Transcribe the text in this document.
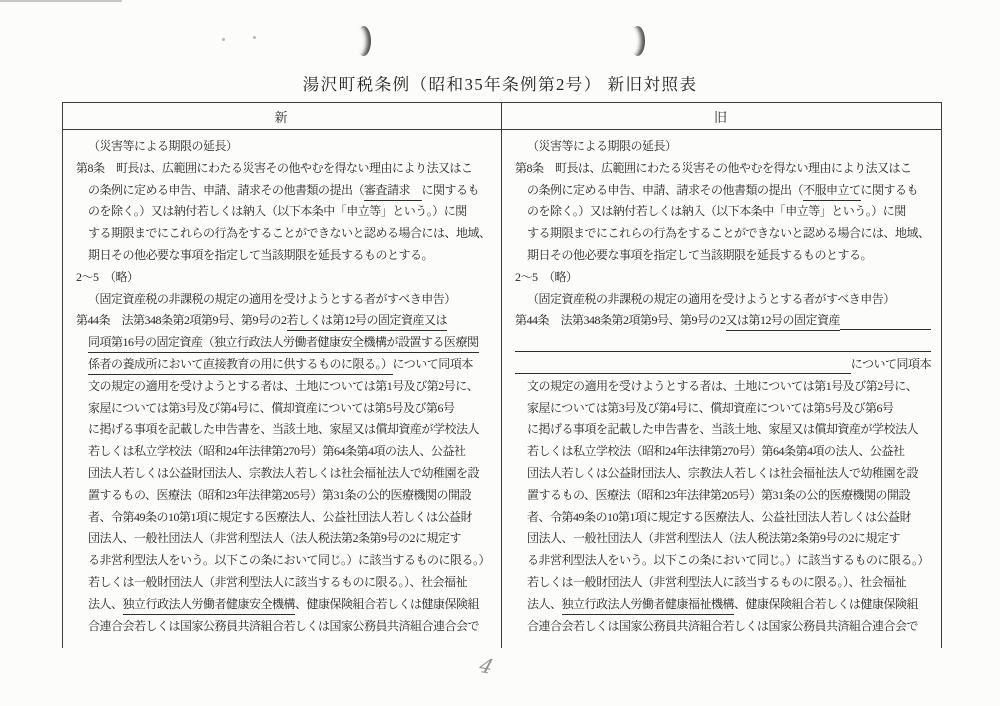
湯沢町税条例（昭和35年条例第2号） 新旧対照表
新	旧
（災害等による期限の延長）
第8条　町長は、広範囲にわたる災害その他やむを得ない理由により法又はこ
の条例に定める申告、申請、請求その他書類の提出（ 審査請求　 に関するも
のを除く。）又は納付若しくは納入（以下本条中「申立等」という。）に関
する期限までにこれらの行為をすることができないと認める場合には、地域、
期日その他必要な事項を指定して当該期限を延長するものとする。
2～5　（略）
（固定資産税の非課税の規定の適用を受けようとする者がすべき申告）
第44条　法第348条第2項第9号、第9号の2 若しくは第12号の固定資産又は
同項第16号の固定資産（独立行政法人労働者健康安全機構が設置する医療関
係者の養成所において直接教育の用に供するものに限る。） について同項本
文の規定の適用を受けようとする者は、土地については第1号及び第2号に、
家屋については第3号及び第4号に、償却資産については第5号及び第6号
に掲げる事項を記載した申告書を、当該土地、家屋又は償却資産が学校法人
若しくは私立学校法（昭和24年法律第270号）第64条第4項の法人、公益社
団法人若しくは公益財団法人、宗教法人若しくは社会福祉法人で幼稚園を設
置するもの、医療法（昭和23年法律第205号）第31条の公的医療機関の開設
者、令第49条の10第1項に規定する医療法人、公益社団法人若しくは公益財
団法人、一般社団法人（非営利型法人（法人税法第2条第9号の2に規定す
る非営利型法人をいう。以下この条において同じ。）に該当するものに限る。）
若しくは一般財団法人（非営利型法人に該当するものに限る。）、社会福祉
法人、 独立行政法人労働者健康安全機構 、健康保険組合若しくは健康保険組
合連合会若しくは国家公務員共済組合若しくは国家公務員共済組合連合会で
（災害等による期限の延長）
第8条　町長は、広範囲にわたる災害その他やむを得ない理由により法又はこ
の条例に定める申告、申請、請求その他書類の提出（ 不服申立て に関するも
のを除く。）又は納付若しくは納入（以下本条中「申立等」という。）に関
する期限までにこれらの行為をすることができないと認める場合には、地域、
期日その他必要な事項を指定して当該期限を延長するものとする。
2～5　（略）
（固定資産税の非課税の規定の適用を受けようとする者がすべき申告）
第44条　法第348条第2項第9号、第9号の2 又は第12号の固定資産
について同項本
文の規定の適用を受けようとする者は、土地については第1号及び第2号に、
家屋については第3号及び第4号に、償却資産については第5号及び第6号
に掲げる事項を記載した申告書を、当該土地、家屋又は償却資産が学校法人
若しくは私立学校法（昭和24年法律第270号）第64条第4項の法人、公益社
団法人若しくは公益財団法人、宗教法人若しくは社会福祉法人で幼稚園を設
置するもの、医療法（昭和23年法律第205号）第31条の公的医療機関の開設
者、令第49条の10第1項に規定する医療法人、公益社団法人若しくは公益財
団法人、一般社団法人（非営利型法人（法人税法第2条第9号の2に規定す
る非営利型法人をいう。以下この条において同じ。）に該当するものに限る。）
若しくは一般財団法人（非営利型法人に該当するものに限る。）、社会福祉
法人、 独立行政法人労働者健康福祉機構 、健康保険組合若しくは健康保険組
合連合会若しくは国家公務員共済組合若しくは国家公務員共済組合連合会で
4
